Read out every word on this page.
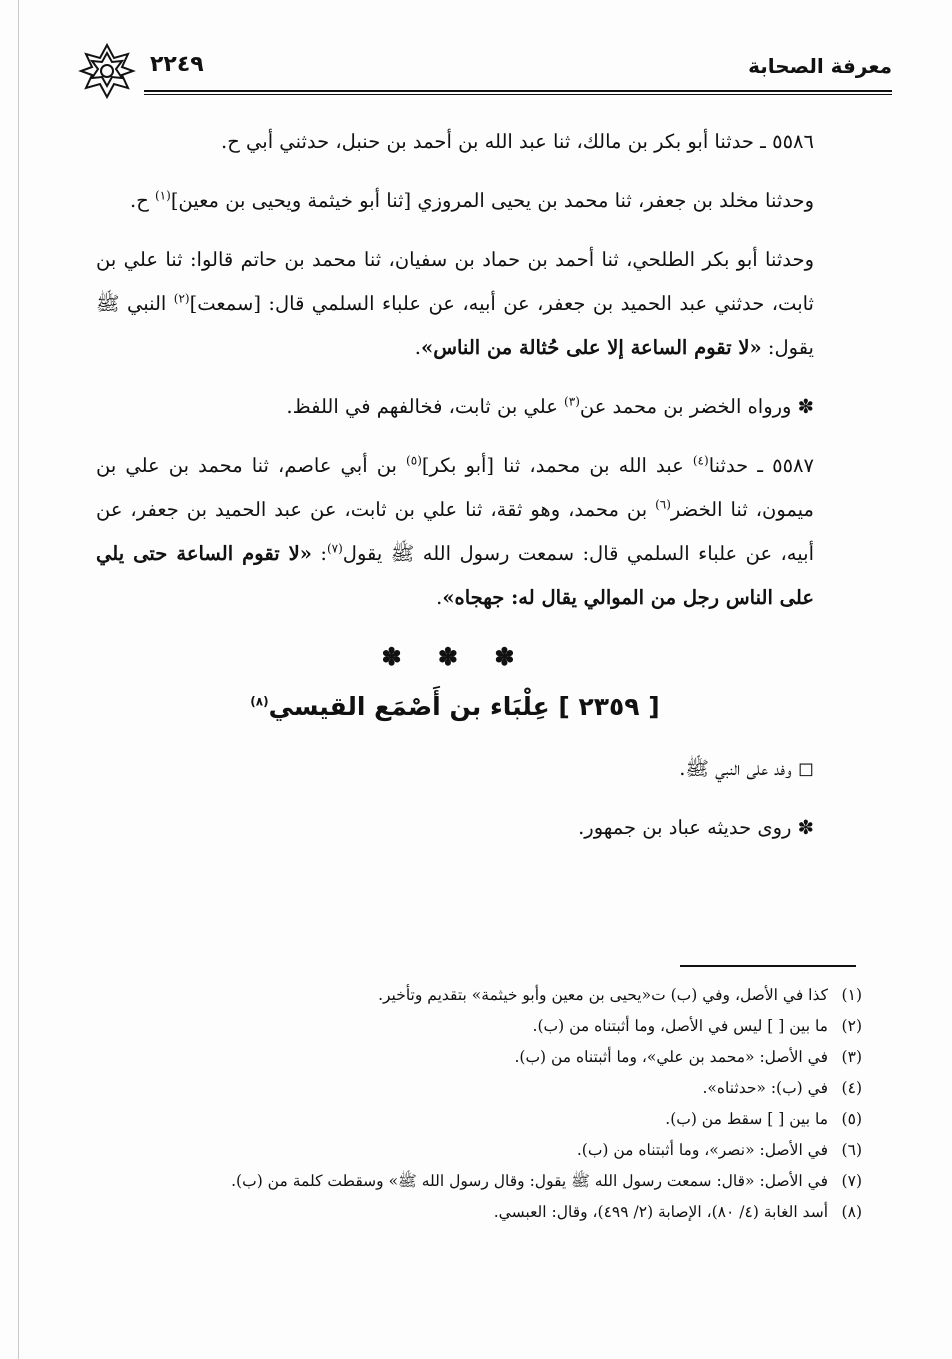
معرفة الصحابة
٢٢٤٩

٥٥٨٦ ـ حدثنا أبو بكر بن مالك، ثنا عبد الله بن أحمد بن حنبل، حدثني أبي ح.

وحدثنا مخلد بن جعفر، ثنا محمد بن يحيى المروزي [ثنا أبو خيثمة ويحيى بن معين]$^{(١)}$ ح.

وحدثنا أبو بكر الطلحي، ثنا أحمد بن حماد بن سفيان، ثنا محمد بن حاتم قالوا: ثنا علي بن ثابت، حدثني عبد الحميد بن جعفر، عن أبيه، عن علباء السلمي قال: [سمعت]$^{(٢)}$ النبي ﷺ يقول: «لا تقوم الساعة إلا على حُثالة من الناس».

✽ ورواه الخضر بن محمد عن$^{(٣)}$ علي بن ثابت، فخالفهم في اللفظ.

٥٥٨٧ ـ حدثنا$^{(٤)}$ عبد الله بن محمد، ثنا [أبو بكر]$^{(٥)}$ بن أبي عاصم، ثنا محمد بن علي بن ميمون، ثنا الخضر$^{(٦)}$ بن محمد، وهو ثقة، ثنا علي بن ثابت، عن عبد الحميد بن جعفر، عن أبيه، عن علباء السلمي قال: سمعت رسول الله ﷺ يقول$^{(٧)}$: «لا تقوم الساعة حتى يلي على الناس رجل من الموالي يقال له: جهجاه».

✽ ✽ ✽
[ ٢٣٥٩ ] عِلْبَاء بن أَصْمَع القيسي$^{(٨)}$

◻ وفد على النبي ﷺ.

✽ روى حديثه عباد بن جمهور.

(١)كذا في الأصل، وفي (ب) ت«يحيى بن معين وأبو خيثمة» بتقديم وتأخير.

(٢)ما بين [ ] ليس في الأصل، وما أثبتناه من (ب).

(٣)في الأصل: «محمد بن علي»، وما أثبتناه من (ب).

(٤)في (ب): «حدثناه».

(٥)ما بين [ ] سقط من (ب).

(٦)في الأصل: «نصر»، وما أثبتناه من (ب).

(٧)في الأصل: «قال: سمعت رسول الله ﷺ يقول: وقال رسول الله ﷺ» وسقطت كلمة من (ب).

(٨)أسد الغابة (٤/ ٨٠)، الإصابة (٢/ ٤٩٩)، وقال: العبسي.
